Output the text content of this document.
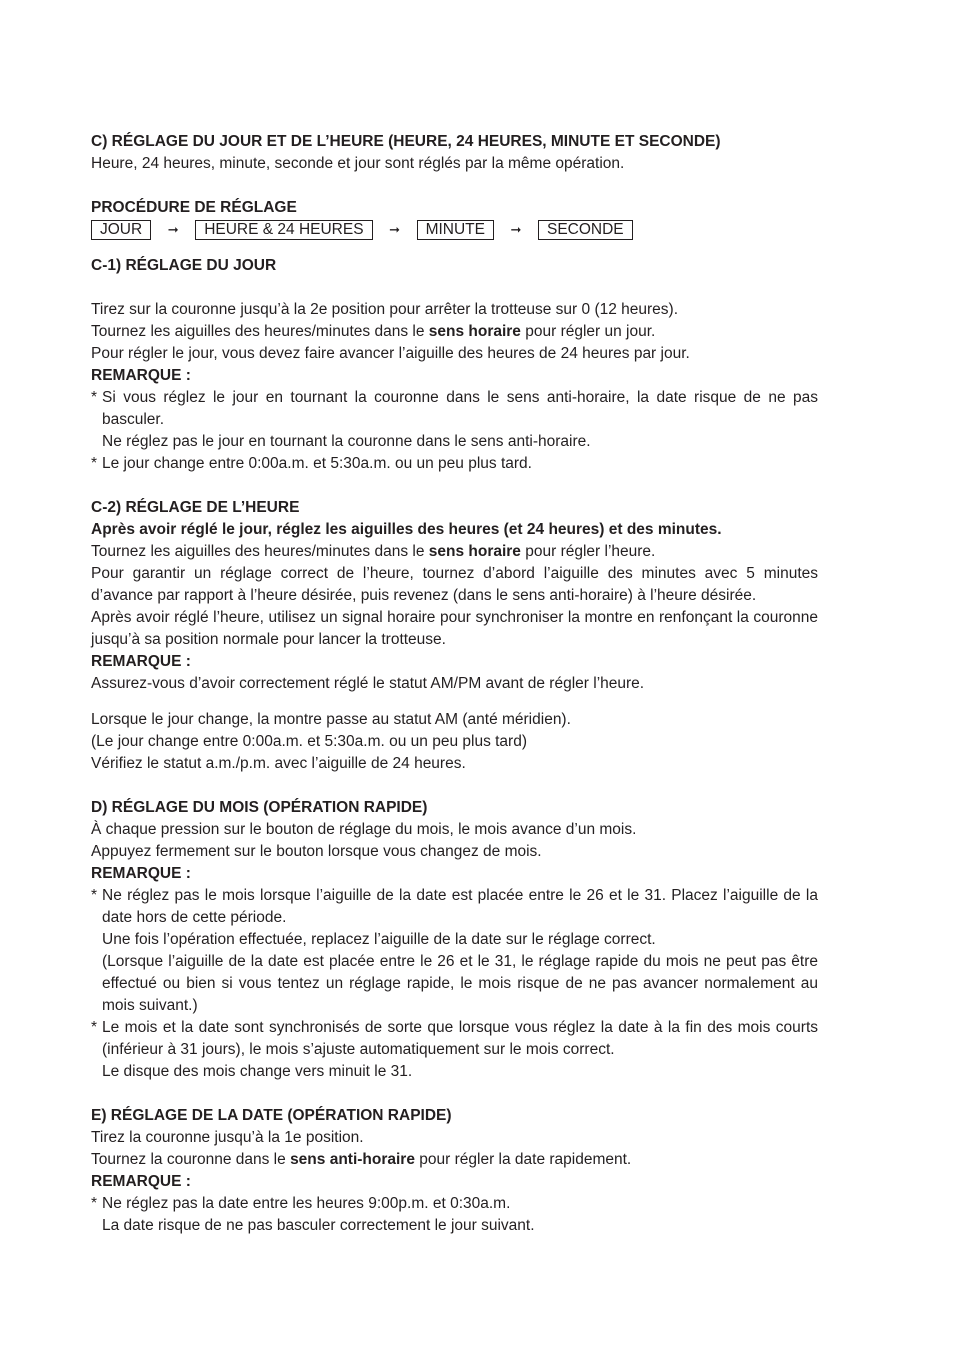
C) RÉGLAGE DU JOUR ET DE L’HEURE (HEURE, 24 HEURES, MINUTE ET SECONDE)

Heure, 24 heures, minute, seconde et jour sont réglés par la même opération.

PROCÉDURE DE RÉGLAGE

JOUR	➞	HEURE & 24 HEURES	➞	MINUTE	➞	SECONDE

C-1) RÉGLAGE DU JOUR

Tirez sur la couronne jusqu’à la 2e position pour arrêter la trotteuse sur 0 (12 heures).

Tournez les aiguilles des heures/minutes dans le sens horaire pour régler un jour.

Pour régler le jour, vous devez faire avancer l’aiguille des heures de 24 heures par jour.

REMARQUE :

* Si vous réglez le jour en tournant la couronne dans le sens anti-horaire, la date risque de ne pas basculer.

Ne réglez pas le jour en tournant la couronne dans le sens anti-horaire.

* Le jour change entre 0:00a.m. et 5:30a.m. ou un peu plus tard.

C-2) RÉGLAGE DE L’HEURE

Après avoir réglé le jour, réglez les aiguilles des heures (et 24 heures) et des minutes.

Tournez les aiguilles des heures/minutes dans le sens horaire pour régler l’heure.

Pour garantir un réglage correct de l’heure, tournez d’abord l’aiguille des minutes avec 5 minutes d’avance par rapport à l’heure désirée, puis revenez (dans le sens anti-horaire) à l’heure désirée.

Après avoir réglé l’heure, utilisez un signal horaire pour synchroniser la montre en renfonçant la couronne jusqu’à sa position normale pour lancer la trotteuse.

REMARQUE :

Assurez-vous d’avoir correctement réglé le statut AM/PM avant de régler l’heure.

Lorsque le jour change, la montre passe au statut AM (anté méridien).

(Le jour change entre 0:00a.m. et 5:30a.m. ou un peu plus tard)

Vérifiez le statut a.m./p.m. avec l’aiguille de 24 heures.

D) RÉGLAGE DU MOIS (OPÉRATION RAPIDE)

À chaque pression sur le bouton de réglage du mois, le mois avance d’un mois.

Appuyez fermement sur le bouton lorsque vous changez de mois.

REMARQUE :

* Ne réglez pas le mois lorsque l’aiguille de la date est placée entre le 26 et le 31. Placez l’aiguille de la date hors de cette période.

Une fois l’opération effectuée, replacez l’aiguille de la date sur le réglage correct.

(Lorsque l’aiguille de la date est placée entre le 26 et le 31, le réglage rapide du mois ne peut pas être effectué ou bien si vous tentez un réglage rapide, le mois risque de ne pas avancer normalement au mois suivant.)

* Le mois et la date sont synchronisés de sorte que lorsque vous réglez la date à la fin des mois courts (inférieur à 31 jours), le mois s’ajuste automatiquement sur le mois correct.

Le disque des mois change vers minuit le 31.

E) RÉGLAGE DE LA DATE (OPÉRATION RAPIDE)

Tirez la couronne jusqu’à la 1e position.

Tournez la couronne dans le sens anti-horaire pour régler la date rapidement.

REMARQUE :

* Ne réglez pas la date entre les heures 9:00p.m. et 0:30a.m.

La date risque de ne pas basculer correctement le jour suivant.
